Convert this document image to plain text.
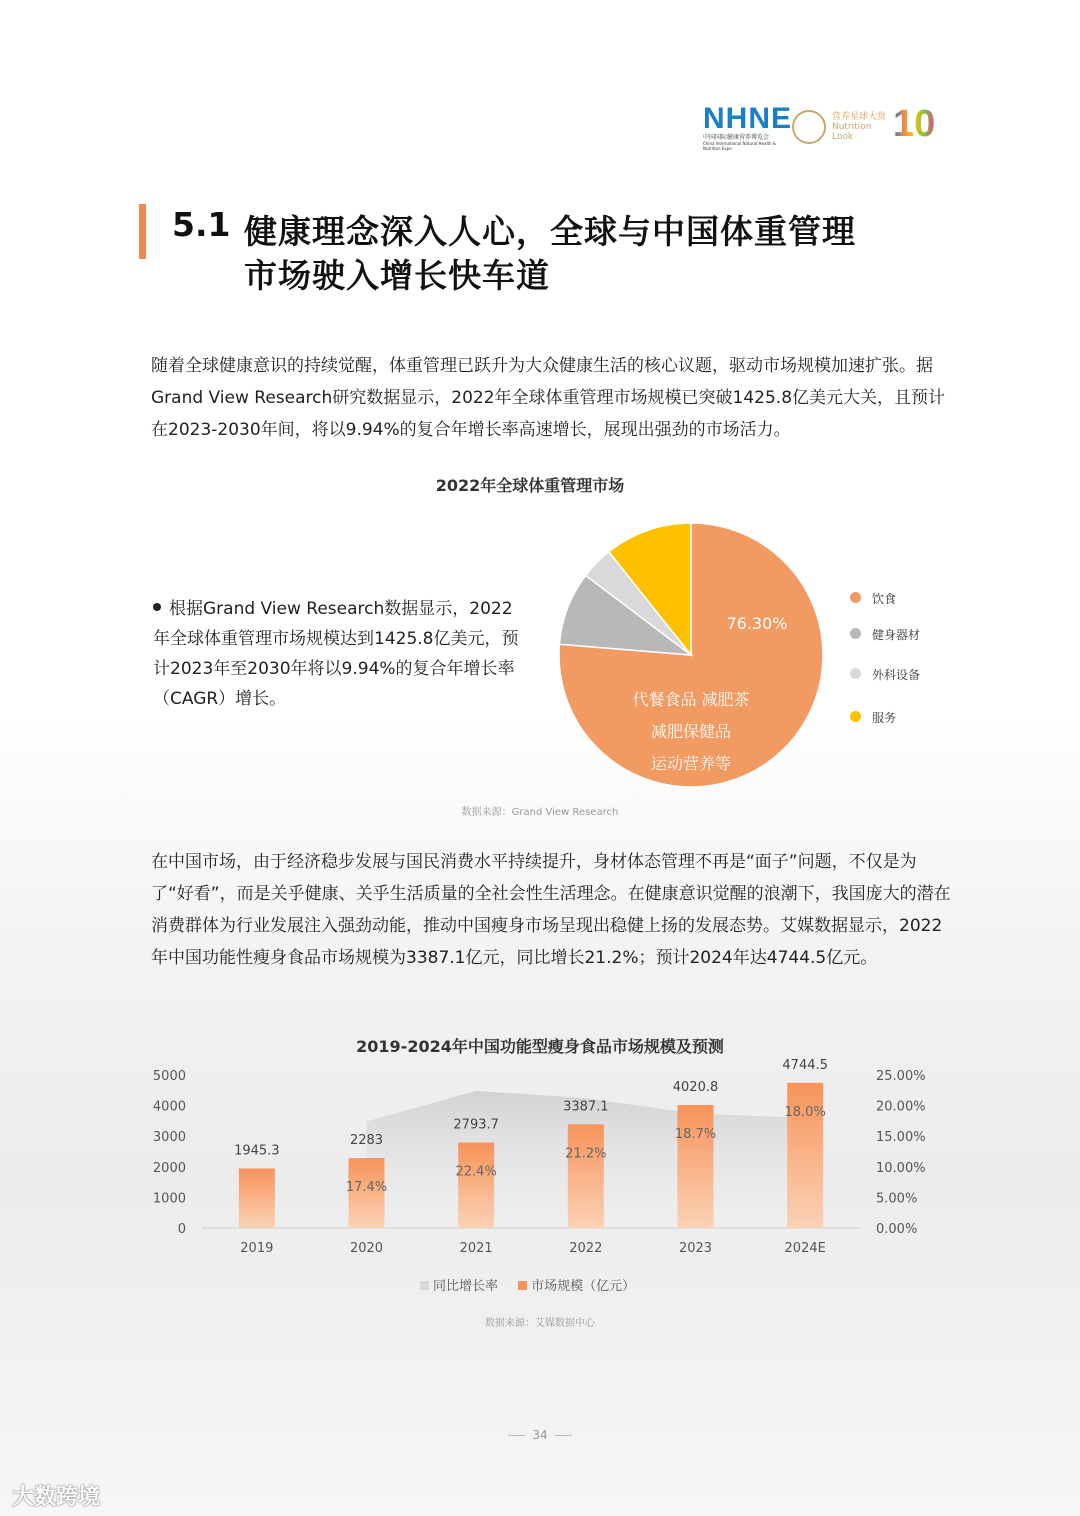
NHNE
中国国际健康营养博览会
China International Natural Health & Nutrition Expo
营养星球大赏
Nutrition
Look	10
5.1 健康理念深入人心，全球与中国体重管理
市场驶入增长快车道
随着全球健康意识的持续觉醒，体重管理已跃升为大众健康生活的核心议题，驱动市场规模加速扩张。据Grand View Research研究数据显示，2022年全球体重管理市场规模已突破1425.8亿美元大关，且预计在2023-2030年间，将以9.94%的复合年增长率高速增长，展现出强劲的市场活力。
2022年全球体重管理市场
根据Grand View Research数据显示，2022年全球体重管理市场规模达到1425.8亿美元，预计2023年至2030年将以9.94%的复合年增长率（CAGR）增长。
76.30%
代餐食品 减肥茶
减肥保健品
运动营养等
饮食
健身器材
外科设备
服务
数据来源：Grand View Research
在中国市场，由于经济稳步发展与国民消费水平持续提升，身材体态管理不再是“面子”问题，不仅是为了“好看”，而是关乎健康、关乎生活质量的全社会性生活理念。在健康意识觉醒的浪潮下，我国庞大的潜在消费群体为行业发展注入强劲动能，推动中国瘦身市场呈现出稳健上扬的发展态势。艾媒数据显示，2022年中国功能性瘦身食品市场规模为3387.1亿元，同比增长21.2%；预计2024年达4744.5亿元。
2019-2024年中国功能型瘦身食品市场规模及预测
0
1000
2000
3000
4000
5000
0.00%
5.00%
10.00%
15.00%
20.00%
25.00%
1945.3
2019
2283
17.4%
2020
2793.7
22.4%
2021
3387.1
21.2%
2022
4020.8
18.7%
2023
4744.5
18.0%
2024E
同比增长率	市场规模（亿元）
数据来源：艾媒数据中心
34
大数跨境
